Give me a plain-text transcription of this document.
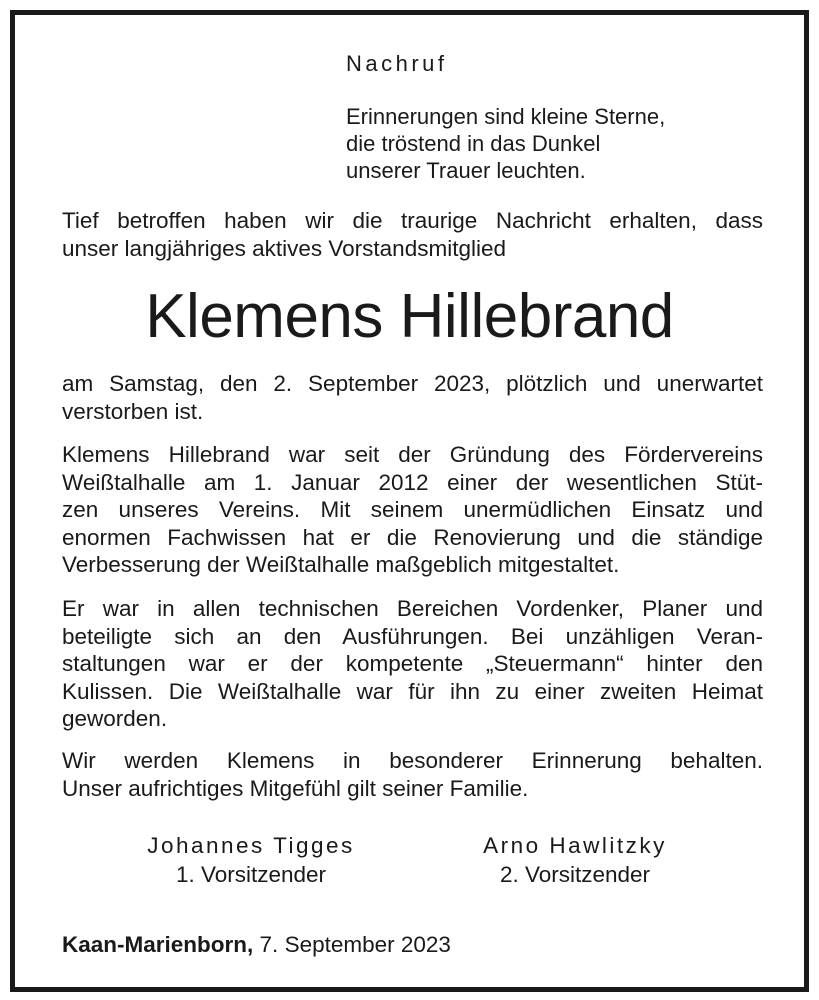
Nachruf
Erinnerungen sind kleine Sterne,
die tröstend in das Dunkel
unserer Trauer leuchten.
Tief betroffen haben wir die traurige Nachricht erhalten, dass
unser langjähriges aktives Vorstandsmitglied
Klemens Hillebrand
am Samstag, den 2. September 2023, plötzlich und unerwartet
verstorben ist.
Klemens Hillebrand war seit der Gründung des Fördervereins
Weißtalhalle am 1. Januar 2012 einer der wesentlichen Stüt-
zen unseres Vereins. Mit seinem unermüdlichen Einsatz und
enormen Fachwissen hat er die Renovierung und die ständige
Verbesserung der Weißtalhalle maßgeblich mitgestaltet.
Er war in allen technischen Bereichen Vordenker, Planer und
beteiligte sich an den Ausführungen. Bei unzähligen Veran-
staltungen war er der kompetente „Steuermann“ hinter den
Kulissen. Die Weißtalhalle war für ihn zu einer zweiten Heimat
geworden.
Wir werden Klemens in besonderer Erinnerung behalten.
Unser aufrichtiges Mitgefühl gilt seiner Familie.
Johannes Tigges
1. Vorsitzender
Arno Hawlitzky
2. Vorsitzender
Kaan-Marienborn, 7. September 2023
